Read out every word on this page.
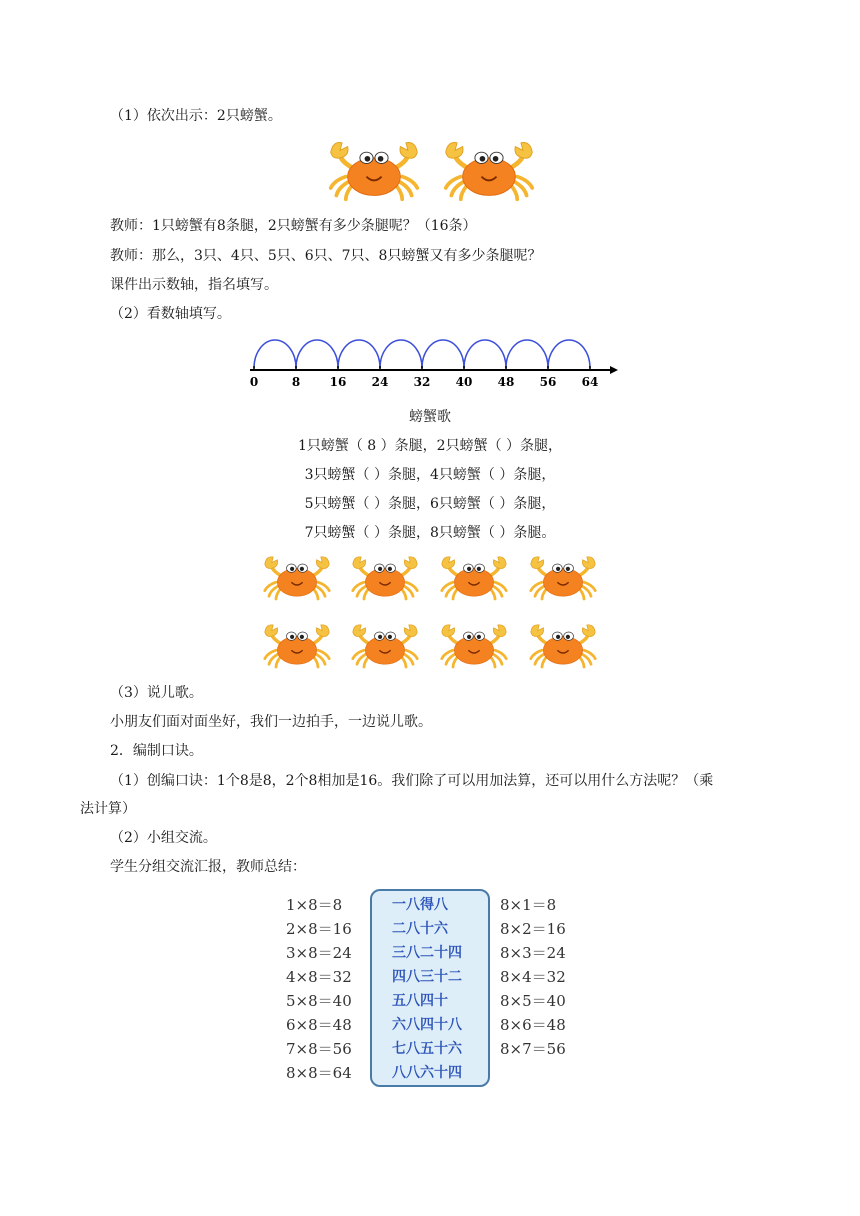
（1）依次出示：2只螃蟹。
教师：1只螃蟹有8条腿，2只螃蟹有多少条腿呢？（16条）
教师：那么，3只、4只、5只、6只、7只、8只螃蟹又有多少条腿呢？
课件出示数轴，指名填写。
（2）看数轴填写。
0	8 16 24 32 40 48 56 64
螃蟹歌
1只螃蟹（ 8 ）条腿，2只螃蟹（ ）条腿，
3只螃蟹（ ）条腿，4只螃蟹（ ）条腿，
5只螃蟹（ ）条腿，6只螃蟹（ ）条腿，
7只螃蟹（ ）条腿，8只螃蟹（ ）条腿。
（3）说儿歌。
小朋友们面对面坐好，我们一边拍手，一边说儿歌。
2．编制口诀。
（1）创编口诀：1个8是8，2个8相加是16。我们除了可以用加法算，还可以用什么方法呢？（乘
法计算）
（2）小组交流。
学生分组交流汇报，教师总结：
1×8＝8
2×8＝16
3×8＝24
4×8＝32
5×8＝40
6×8＝48
7×8＝56
8×8＝64
一八得八
二八十六
三八二十四
四八三十二
五八四十
六八四十八
七八五十六
八八六十四
8×1＝8
8×2＝16
8×3＝24
8×4＝32
8×5＝40
8×6＝48
8×7＝56
